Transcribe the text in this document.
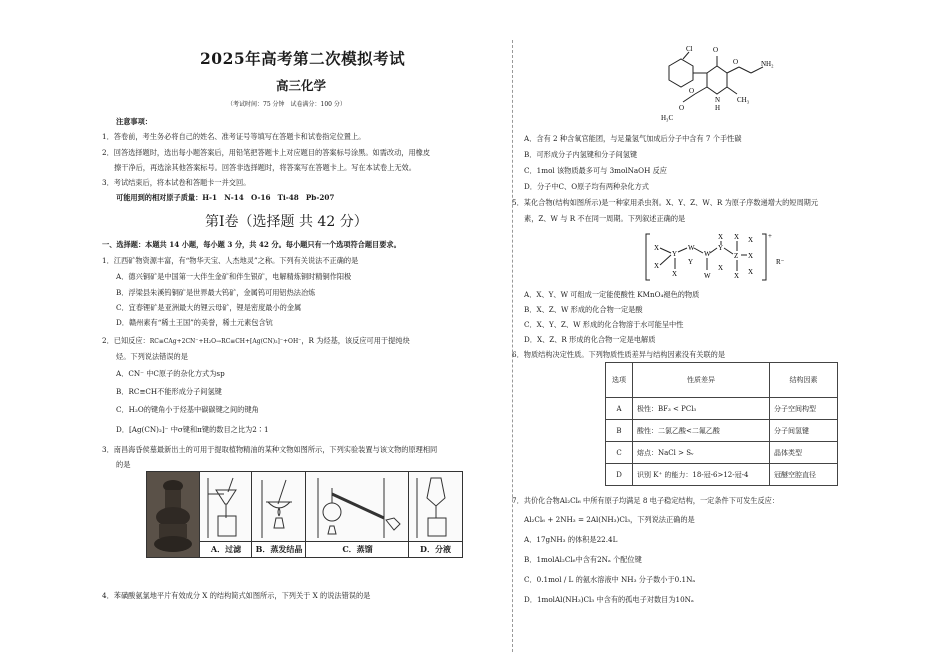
2025年高考第二次模拟考试
高三化学
（考试时间：75 分钟　试卷满分：100 分）
注意事项：
1．答卷前，考生务必将自己的姓名、准考证号等填写在答题卡和试卷指定位置上。
2．回答选择题时，选出每小题答案后，用铅笔把答题卡上对应题目的答案标号涂黑。如需改动，用橡皮
擦干净后，再选涂其他答案标号。回答非选择题时，将答案写在答题卡上。写在本试卷上无效。
3．考试结束后，将本试卷和答题卡一并交回。
可能用到的相对原子质量：H-1　N-14　O-16　Ti-48　Pb-207
第Ⅰ卷（选择题 共 42 分）
一、选择题：本题共 14 小题，每小题 3 分，共 42 分。每小题只有一个选项符合题目要求。
1．江西矿物资源丰富，有“物华天宝、人杰地灵”之称。下列有关说法不正确的是
A．德兴铜矿是中国第一大伴生金矿和伴生银矿，电解精炼铜时精铜作阳极
B．浮梁县朱溪钨铜矿是世界最大钨矿，金属钨可用铝热法冶炼
C．宜春锂矿是亚洲最大的锂云母矿，锂是密度最小的金属
D．赣州素有“稀土王国”的美誉，稀土元素包含钪
2．已知反应：RC≡CAg+2CN⁻+H₂O→RC≡CH+[Ag(CN)₂]⁻+OH⁻，R 为烃基，该反应可用于提纯炔
烃。下列说法错误的是
A．CN⁻ 中C原子的杂化方式为sp
B．RC≡CH不能形成分子间氢键
C．H₂O的键角小于烃基中碳碳键之间的键角
D．[Ag(CN)₂]⁻ 中σ键和π键的数目之比为2∶1
3．南昌海昏侯墓最新出土的可用于提取植物精油的某种文物如图所示，下列实验装置与该文物的原理相同
的是
A．过滤	B．蒸发结晶	C．蒸馏	D．分液
4．苯磺酸氨氯地平片有效成分 X 的结构简式如图所示，下列关于 X 的说法错误的是
Cl	O
O	NH₂
O
O
H₃C
N
H
CH₃
A．含有 2 种含氧官能团，与足量氢气加成后分子中含有 7 个手性碳
B．可形成分子内氢键和分子间氢键
C．1mol 该物质最多可与 3molNaOH 反应
D．分子中C、O原子均有两种杂化方式
5．某化合物(结构如图所示)是一种家用杀虫剂。X、Y、Z、W、R 为原子序数递增大的短周期元
素，Z、W 与 R 不在同一周期。下列叙述正确的是
X
X
X
W
Y	W
Y
Z
X
X
X
X
Y
X
W
X	X
+
R⁻
A．X、Y、W 可组成一定能使酸性 KMnO₄褪色的物质
B．X、Z、W 形成的化合物一定是酸
C．X、Y、Z、W 形成的化合物溶于水可能呈中性
D．X、Z、R 形成的化合物一定是电解质
6．物质结构决定性质。下列物质性质差异与结构因素没有关联的是
选项	性质差异	结构因素
A	极性：BF₃ < PCl₃	分子空间构型
B	酸性：二氯乙酸<二氟乙酸	分子间氢键
C	熔点：NaCl > Sᵥ	晶体类型
D	识别 K⁺ 的能力：18-冠-6>12-冠-4	冠醚空腔直径
7．共价化合物Al₂Cl₆ 中所有原子均满足 8 电子稳定结构，一定条件下可发生反应：
Al₂Cl₆ + 2NH₃ = 2Al(NH₃)Cl₃，下列说法正确的是
A．17gNH₃ 的体积是22.4L
B．1molAl₂Cl₆中含有2Nₐ 个配位键
C．0.1mol / L 的氨水溶液中 NH₃ 分子数小于0.1Nₐ
D．1molAl(NH₃)Cl₃ 中含有的孤电子对数目为10Nₐ
